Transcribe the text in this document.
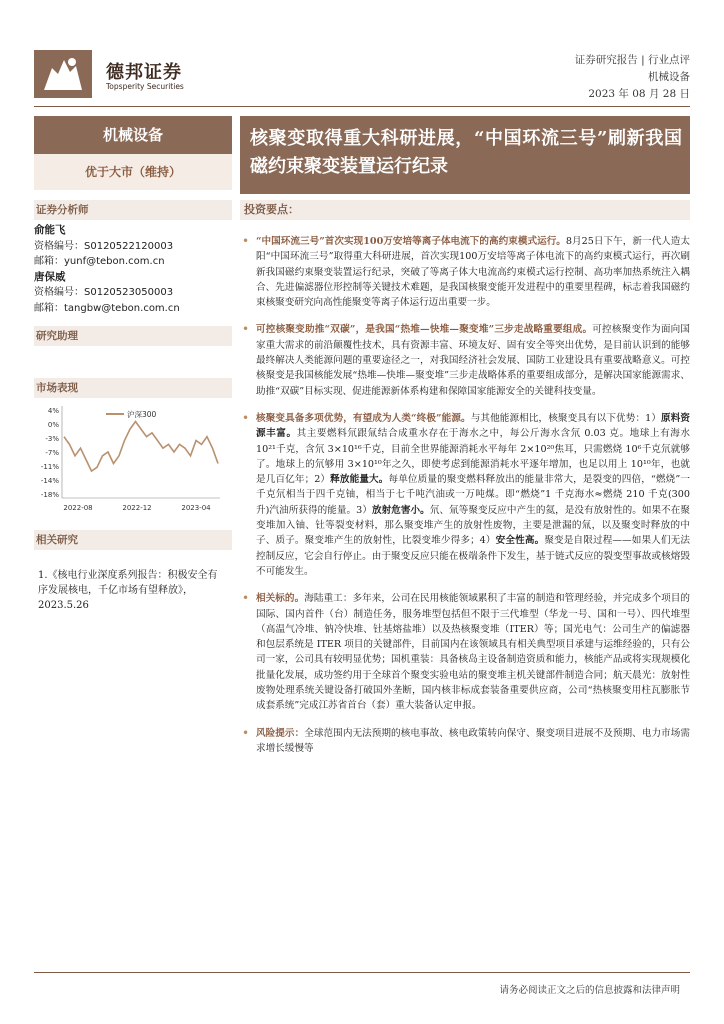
德邦证券
Topsperity Securities
证券研究报告 | 行业点评
机械设备
2023 年 08 月 28 日
机械设备
优于大市（维持）
证券分析师
俞能飞
资格编号：S0120522120003
邮箱：yunf@tebon.com.cn
唐保威
资格编号：S0120523050003
邮箱：tangbw@tebon.com.cn
研究助理
市场表现
4%
0%
-3%
-7%
-11%
-14%
-18%
2022-08	2022-12	2023-04
沪深300
相关研究
1.《核电行业深度系列报告：积极安全有序发展核电，千亿市场有望释放》，2023.5.26
核聚变取得重大科研进展，“中国环流三号”刷新我国磁约束聚变装置运行纪录
投资要点：
• “中国环流三号”首次实现100万安培等离子体电流下的高约束模式运行。8月25日下午，新一代人造太阳“中国环流三号”取得重大科研进展，首次实现100万安培等离子体电流下的高约束模式运行，再次刷新我国磁约束聚变装置运行纪录，突破了等离子体大电流高约束模式运行控制、高功率加热系统注入耦合、先进偏滤器位形控制等关键技术难题，是我国核聚变能开发进程中的重要里程碑，标志着我国磁约束核聚变研究向高性能聚变等离子体运行迈出重要一步。
• 可控核聚变助推“双碳”，是我国“热堆—快堆—聚变堆”三步走战略重要组成。可控核聚变作为面向国家重大需求的前沿颠覆性技术，具有资源丰富、环境友好、固有安全等突出优势，是目前认识到的能够最终解决人类能源问题的重要途径之一，对我国经济社会发展、国防工业建设具有重要战略意义。可控核聚变是我国核能发展“热堆—快堆—聚变堆”三步走战略体系的重要组成部分，是解决国家能源需求、助推“双碳”目标实现、促进能源新体系构建和保障国家能源安全的关键科技变量。
• 核聚变具备多项优势，有望成为人类“终极”能源。与其他能源相比，核聚变具有以下优势：1）原料资源丰富。其主要燃料氘跟氚结合成重水存在于海水之中，每公斤海水含氘 0.03 克。地球上有海水 10²¹千克，含氘 3×10¹⁶千克，目前全世界能源消耗水平每年 2×10²⁰焦耳，只需燃烧 10⁶千克氘就够了。地球上的氘够用 3×10¹⁰年之久，即使考虑到能源消耗水平逐年增加，也足以用上 10¹⁰年，也就是几百亿年；2）释放能量大。每单位质量的聚变燃料释放出的能量非常大，是裂变的四倍，“燃烧”一千克氘相当于四千克铀，相当于七千吨汽油或一万吨煤。即“燃烧”1 千克海水≈燃烧 210 千克(300 升)汽油所获得的能量。3）放射危害小。氘、氚等聚变反应中产生的氦，是没有放射性的。如果不在聚变堆加入铀、钍等裂变材料，那么聚变堆产生的放射性废物，主要是泄漏的氚，以及聚变时释放的中子、质子。聚变堆产生的放射性，比裂变堆少得多；4）安全性高。聚变是自限过程——如果人们无法控制反应，它会自行停止。由于聚变反应只能在极端条件下发生，基于链式反应的裂变型事故或核熔毁不可能发生。
• 相关标的。海陆重工：多年来，公司在民用核能领域累积了丰富的制造和管理经验，并完成多个项目的国际、国内首件（台）制造任务，服务堆型包括但不限于三代堆型（华龙一号、国和一号）、四代堆型（高温气冷堆、钠冷快堆、钍基熔盐堆）以及热核聚变堆（ITER）等；国光电气：公司生产的偏滤器和包层系统是 ITER 项目的关键部件，目前国内在该领域具有相关典型项目承建与运维经验的，只有公司一家，公司具有较明显优势；国机重装：具备核岛主设备制造资质和能力，核能产品或将实现规模化批量化发展，成功签约用于全球首个聚变实验电站的聚变堆主机关键部件制造合同；航天晨光：放射性废物处理系统关键设备打破国外垄断，国内核非标成套装备重要供应商，公司“热核聚变用柱瓦膨胀节成套系统”完成江苏省首台（套）重大装备认定申报。
• 风险提示：全球范围内无法预期的核电事故、核电政策转向保守、聚变项目进展不及预期、电力市场需求增长缓慢等
请务必阅读正文之后的信息披露和法律声明
